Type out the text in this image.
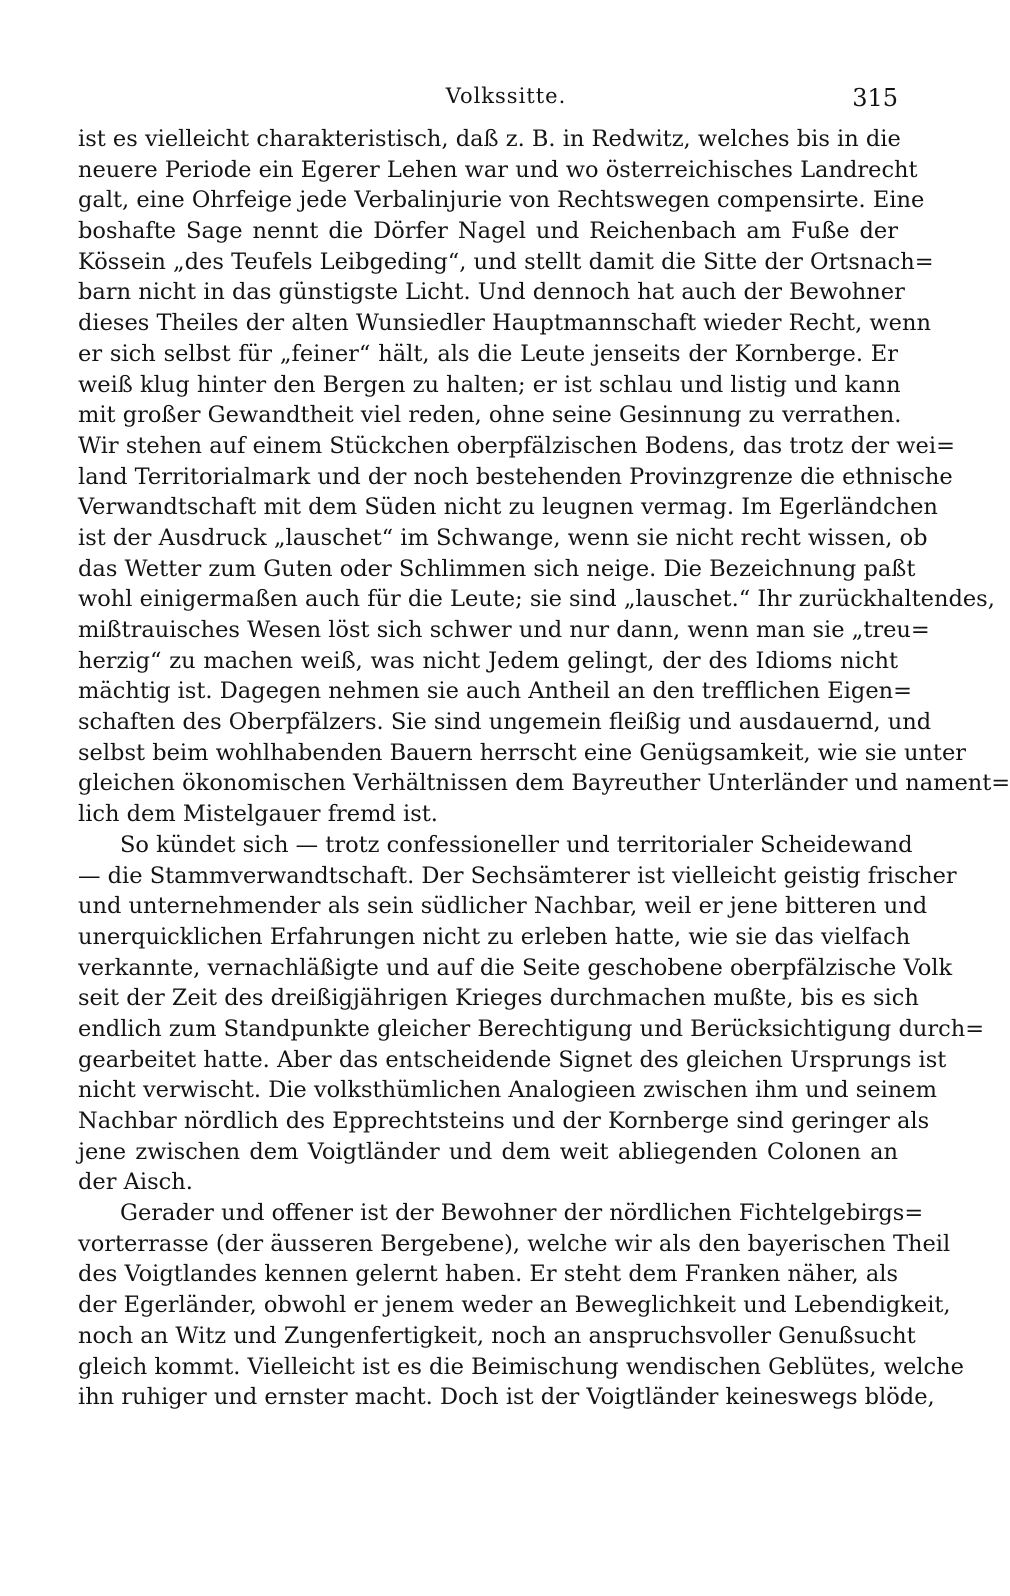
Volkssitte.	315
ist es vielleicht charakteristisch, daß z. B. in Redwitz, welches bis in die
neuere Periode ein Egerer Lehen war und wo österreichisches Landrecht
galt, eine Ohrfeige jede Verbalinjurie von Rechtswegen compensirte. Eine
boshafte Sage nennt die Dörfer Nagel und Reichenbach am Fuße der
Kössein „des Teufels Leibgeding“, und stellt damit die Sitte der Ortsnach=
barn nicht in das günstigste Licht. Und dennoch hat auch der Bewohner
dieses Theiles der alten Wunsiedler Hauptmannschaft wieder Recht, wenn
er sich selbst für „feiner“ hält, als die Leute jenseits der Kornberge. Er
weiß klug hinter den Bergen zu halten; er ist schlau und listig und kann
mit großer Gewandtheit viel reden, ohne seine Gesinnung zu verrathen.
Wir stehen auf einem Stückchen oberpfälzischen Bodens, das trotz der wei=
land Territorialmark und der noch bestehenden Provinzgrenze die ethnische
Verwandtschaft mit dem Süden nicht zu leugnen vermag. Im Egerländchen
ist der Ausdruck „lauschet“ im Schwange, wenn sie nicht recht wissen, ob
das Wetter zum Guten oder Schlimmen sich neige. Die Bezeichnung paßt
wohl einigermaßen auch für die Leute; sie sind „lauschet.“ Ihr zurückhaltendes,
mißtrauisches Wesen löst sich schwer und nur dann, wenn man sie „treu=
herzig“ zu machen weiß, was nicht Jedem gelingt, der des Idioms nicht
mächtig ist. Dagegen nehmen sie auch Antheil an den trefflichen Eigen=
schaften des Oberpfälzers. Sie sind ungemein fleißig und ausdauernd, und
selbst beim wohlhabenden Bauern herrscht eine Genügsamkeit, wie sie unter
gleichen ökonomischen Verhältnissen dem Bayreuther Unterländer und nament=
lich dem Mistelgauer fremd ist.
So kündet sich — trotz confessioneller und territorialer Scheidewand
— die Stammverwandtschaft. Der Sechsämterer ist vielleicht geistig frischer
und unternehmender als sein südlicher Nachbar, weil er jene bitteren und
unerquicklichen Erfahrungen nicht zu erleben hatte, wie sie das vielfach
verkannte, vernachläßigte und auf die Seite geschobene oberpfälzische Volk
seit der Zeit des dreißigjährigen Krieges durchmachen mußte, bis es sich
endlich zum Standpunkte gleicher Berechtigung und Berücksichtigung durch=
gearbeitet hatte. Aber das entscheidende Signet des gleichen Ursprungs ist
nicht verwischt. Die volksthümlichen Analogieen zwischen ihm und seinem
Nachbar nördlich des Epprechtsteins und der Kornberge sind geringer als
jene zwischen dem Voigtländer und dem weit abliegenden Colonen an
der Aisch.
Gerader und offener ist der Bewohner der nördlichen Fichtelgebirgs=
vorterrasse (der äusseren Bergebene), welche wir als den bayerischen Theil
des Voigtlandes kennen gelernt haben. Er steht dem Franken näher, als
der Egerländer, obwohl er jenem weder an Beweglichkeit und Lebendigkeit,
noch an Witz und Zungenfertigkeit, noch an anspruchsvoller Genußsucht
gleich kommt. Vielleicht ist es die Beimischung wendischen Geblütes, welche
ihn ruhiger und ernster macht. Doch ist der Voigtländer keineswegs blöde,
